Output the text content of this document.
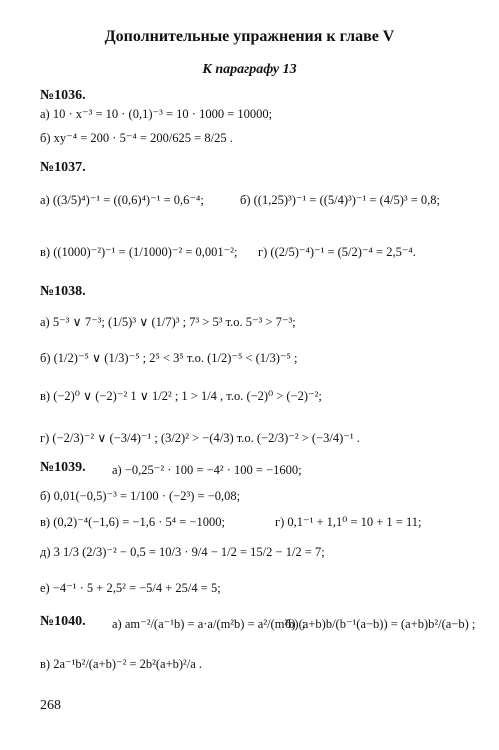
Дополнительные упражнения к главе V
К параграфу 13
№1036.
а) 10 · x⁻³ = 10 · (0,1)⁻³ = 10 · 1000 = 10000;
б) xy⁻⁴ = 200 · 5⁻⁴ = 200/625 = 8/25 .
№1037.
а) ((3/5)⁴)⁻¹ = ((0,6)⁴)⁻¹ = 0,6⁻⁴;	б) ((1,25)³)⁻¹ = ((5/4)³)⁻¹ = (4/5)³ = 0,8;
в) ((1000)⁻²)⁻¹ = (1/1000)⁻² = 0,001⁻²; г) ((2/5)⁻⁴)⁻¹ = (5/2)⁻⁴ = 2,5⁻⁴.
№1038.
а) 5⁻³ ∨ 7⁻³; (1/5)³ ∨ (1/7)³ ; 7³ > 5³ т.о. 5⁻³ > 7⁻³;
б) (1/2)⁻⁵ ∨ (1/3)⁻⁵ ; 2⁵ < 3⁵ т.о. (1/2)⁻⁵ < (1/3)⁻⁵ ;
в) (−2)⁰ ∨ (−2)⁻² 1 ∨ 1/2² ; 1 > 1/4 , т.о. (−2)⁰ > (−2)⁻²;
г) (−2/3)⁻² ∨ (−3/4)⁻¹ ; (3/2)² > −(4/3) т.о. (−2/3)⁻² > (−3/4)⁻¹ .
№1039. а) −0,25⁻² · 100 = −4² · 100 = −1600;
б) 0,01(−0,5)⁻³ = 1/100 · (−2³) = −0,08;
в) (0,2)⁻⁴(−1,6) = −1,6 · 5⁴ = −1000;	г) 0,1⁻¹ + 1,1⁰ = 10 + 1 = 11;
д) 3 1/3 (2/3)⁻² − 0,5 = 10/3 · 9/4 − 1/2 = 15/2 − 1/2 = 7;
е) −4⁻¹ · 5 + 2,5² = −5/4 + 25/4 = 5;
№1040. а) am⁻²/(a⁻¹b) = a·a/(m²b) = a²/(m²b) ;
б) (a+b)b/(b⁻¹(a−b)) = (a+b)b²/(a−b) ;
в) 2a⁻¹b²/(a+b)⁻² = 2b²(a+b)²/a .
268
